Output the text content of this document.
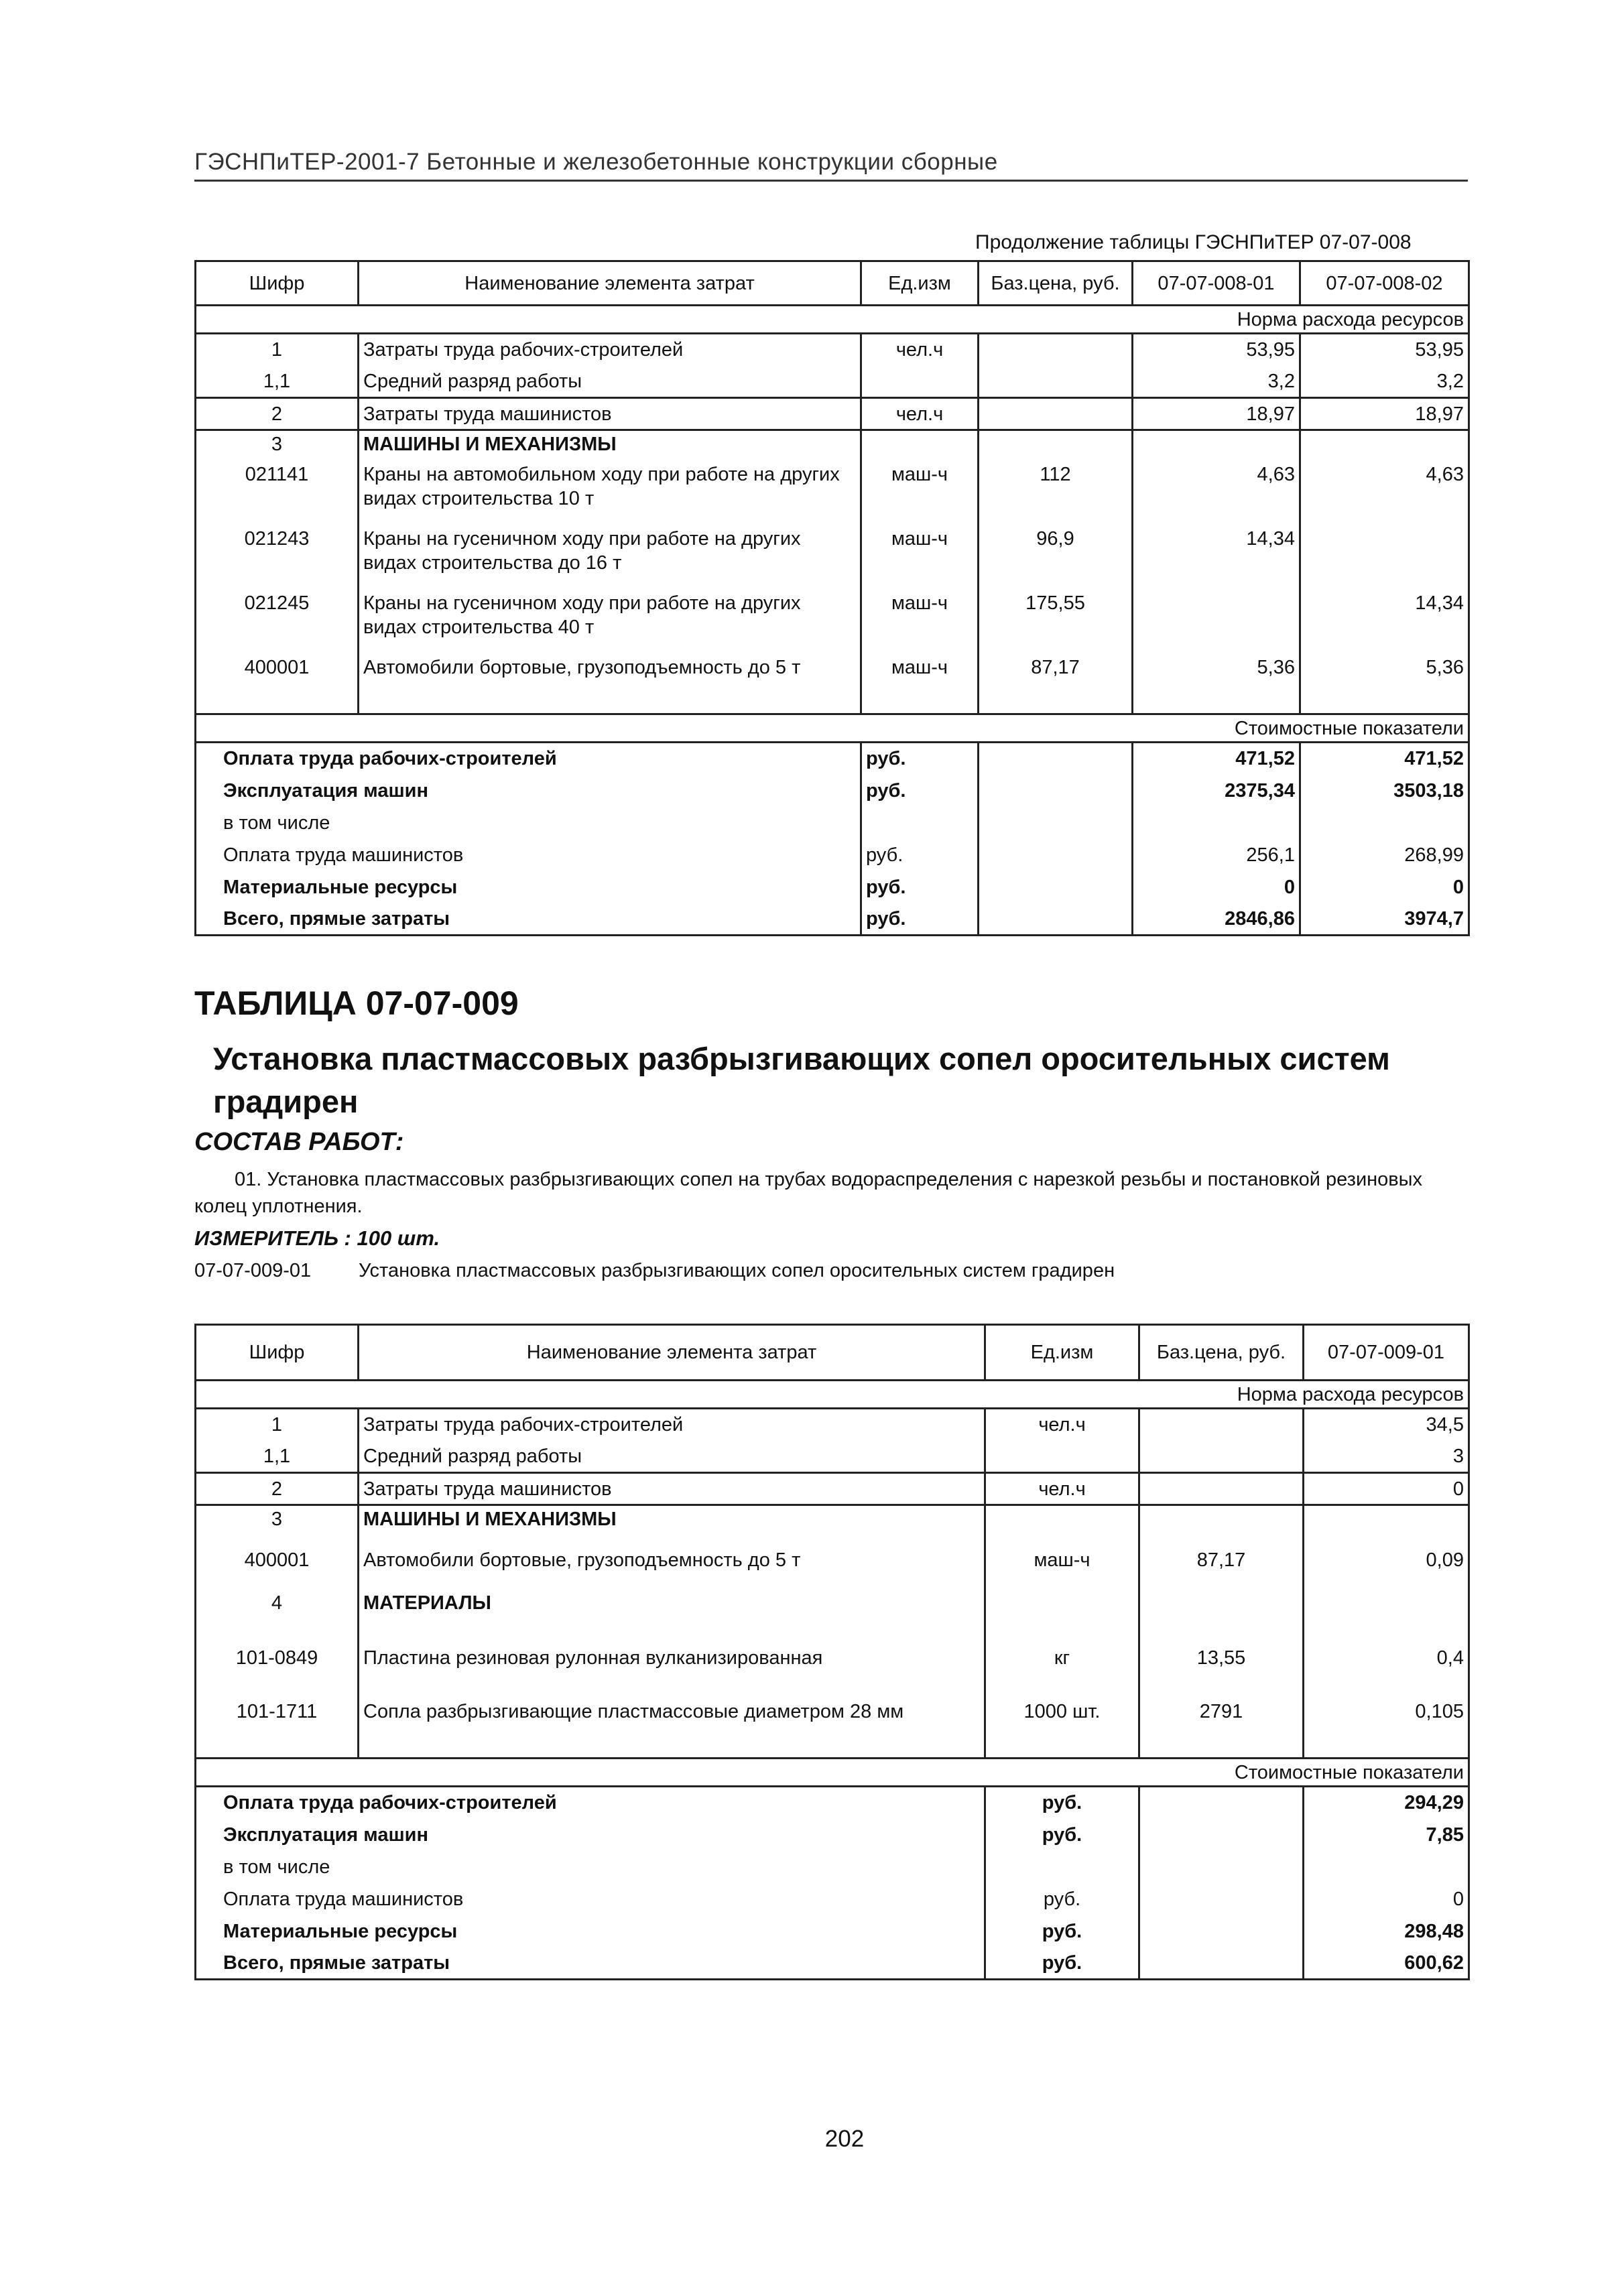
ГЭСНПиТЕР-2001-7 Бетонные и железобетонные конструкции сборные
Продолжение таблицы ГЭСНПиТЕР 07-07-008
Шифр	Наименование элемента затрат	Ед.изм	Баз.цена, руб.	07-07-008-01	07-07-008-02
				Норма расхода ресурсов	
1	Затраты труда рабочих-строителей	чел.ч		53,95	53,95
1,1	Средний разряд работы			3,2	3,2
2	Затраты труда машинистов	чел.ч		18,97	18,97
3	МАШИНЫ И МЕХАНИЗМЫ				
021141	Краны на автомобильном ходу при работе на других видах строительства 10 т	маш-ч	112	4,63	4,63
021243	Краны на гусеничном ходу при работе на других видах строительства до 16 т	маш-ч	96,9	14,34	
021245	Краны на гусеничном ходу при работе на других видах строительства 40 т	маш-ч	175,55		14,34
400001	Автомобили бортовые, грузоподъемность до 5 т	маш-ч	87,17	5,36	5,36

Стоимостные показатели					
Оплата труда рабочих-строителей		руб.		471,52	471,52
Эксплуатация машин		руб.		2375,34	3503,18
в том числе					
Оплата труда машинистов		руб.		256,1	268,99
Материальные ресурсы		руб.		0	0
Всего, прямые затраты		руб.		2846,86	3974,7
ТАБЛИЦА 07-07-009
Установка пластмассовых разбрызгивающих сопел оросительных систем градирен
СОСТАВ РАБОТ:
01. Установка пластмассовых разбрызгивающих сопел на трубах водораспределения с нарезкой резьбы и постановкой резиновых колец уплотнения.
ИЗМЕРИТЕЛЬ : 100 шт.
07-07-009-01 Установка пластмассовых разбрызгивающих сопел оросительных систем градирен
Шифр	Наименование элемента затрат	Ед.изм	Баз.цена, руб.	07-07-009-01
			Норма расхода ресурсов	
1	Затраты труда рабочих-строителей	чел.ч		34,5
1,1	Средний разряд работы			3
2	Затраты труда машинистов	чел.ч		0
3	МАШИНЫ И МЕХАНИЗМЫ			
400001	Автомобили бортовые, грузоподъемность до 5 т	маш-ч	87,17	0,09
4	МАТЕРИАЛЫ			
101-0849	Пластина резиновая рулонная вулканизированная	кг	13,55	0,4
101-1711	Сопла разбрызгивающие пластмассовые диаметром 28 мм	1000 шт.	2791	0,105

Стоимостные показатели				
Оплата труда рабочих-строителей		руб.		294,29
Эксплуатация машин		руб.		7,85
в том числе				
Оплата труда машинистов		руб.		0
Материальные ресурсы		руб.		298,48
Всего, прямые затраты		руб.		600,62
202
